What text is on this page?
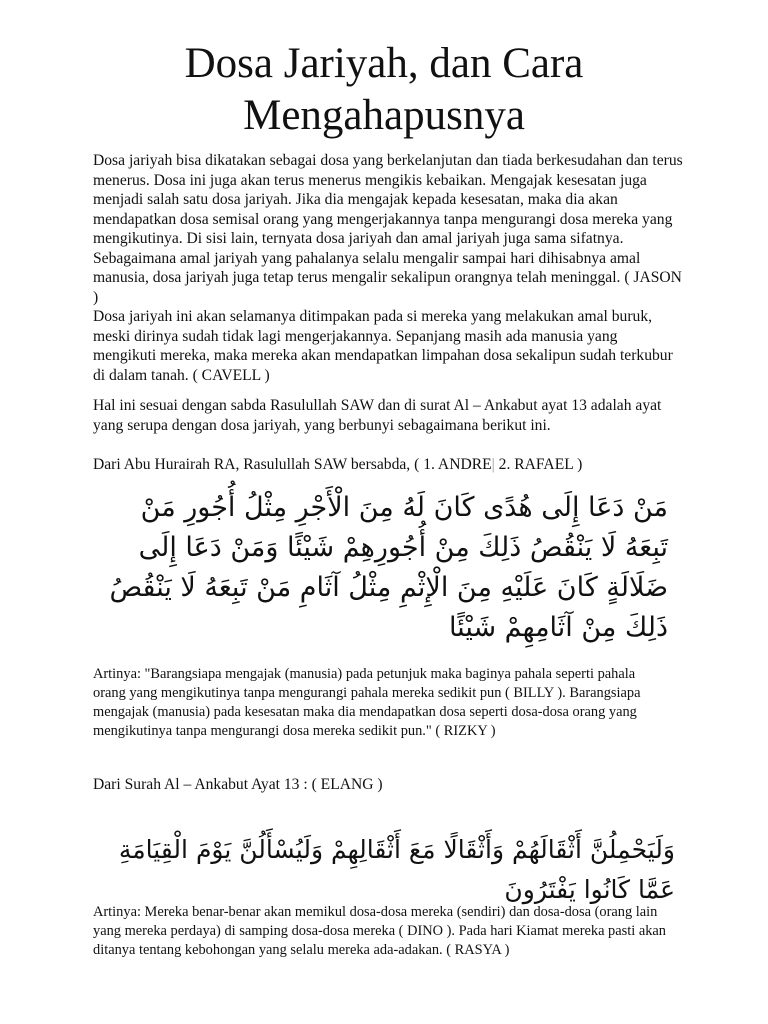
Dosa Jariyah, dan Cara
Mengahapusnya

Dosa jariyah bisa dikatakan sebagai dosa yang berkelanjutan dan tiada berkesudahan dan terus menerus. Dosa ini juga akan terus menerus mengikis kebaikan. Mengajak kesesatan juga menjadi salah satu dosa jariyah. Jika dia mengajak kepada kesesatan, maka dia akan mendapatkan dosa semisal orang yang mengerjakannya tanpa mengurangi dosa mereka yang mengikutinya. Di sisi lain, ternyata dosa jariyah dan amal jariyah juga sama sifatnya. Sebagaimana amal jariyah yang pahalanya selalu mengalir sampai hari dihisabnya amal manusia, dosa jariyah juga tetap terus mengalir sekalipun orangnya telah meninggal. ( JASON )

Dosa jariyah ini akan selamanya ditimpakan pada si mereka yang melakukan amal buruk, meski dirinya sudah tidak lagi mengerjakannya. Sepanjang masih ada manusia yang mengikuti mereka, maka mereka akan mendapatkan limpahan dosa sekalipun sudah terkubur di dalam tanah. ( CAVELL )

Hal ini sesuai dengan sabda Rasulullah SAW dan di surat Al – Ankabut ayat 13 adalah ayat yang serupa dengan dosa jariyah, yang berbunyi sebagaimana berikut ini.

Dari Abu Hurairah RA, Rasulullah SAW bersabda, ( 1. ANDRE| 2. RAFAEL )

مَنْ دَعَا إِلَى هُدًى كَانَ لَهُ مِنَ الْأَجْرِ مِثْلُ أُجُورِ مَنْ تَبِعَهُ لَا يَنْقُصُ ذَلِكَ مِنْ أُجُورِهِمْ شَيْئًا وَمَنْ دَعَا إِلَى ضَلَالَةٍ كَانَ عَلَيْهِ مِنَ الْإِثْمِ مِثْلُ آثَامِ مَنْ تَبِعَهُ لَا يَنْقُصُ ذَلِكَ مِنْ آثَامِهِمْ شَيْئًا

Artinya: "Barangsiapa mengajak (manusia) pada petunjuk maka baginya pahala seperti pahala orang yang mengikutinya tanpa mengurangi pahala mereka sedikit pun ( BILLY ). Barangsiapa mengajak (manusia) pada kesesatan maka dia mendapatkan dosa seperti dosa-dosa orang yang mengikutinya tanpa mengurangi dosa mereka sedikit pun." ( RIZKY )

Dari Surah Al – Ankabut Ayat 13 : ( ELANG )

وَلَيَحْمِلُنَّ أَثْقَالَهُمْ وَأَثْقَالًا مَعَ أَثْقَالِهِمْ وَلَيُسْأَلُنَّ يَوْمَ الْقِيَامَةِ عَمَّا كَانُوا يَفْتَرُونَ

Artinya: Mereka benar-benar akan memikul dosa-dosa mereka (sendiri) dan dosa-dosa (orang lain yang mereka perdaya) di samping dosa-dosa mereka ( DINO ). Pada hari Kiamat mereka pasti akan ditanya tentang kebohongan yang selalu mereka ada-adakan. ( RASYA )
